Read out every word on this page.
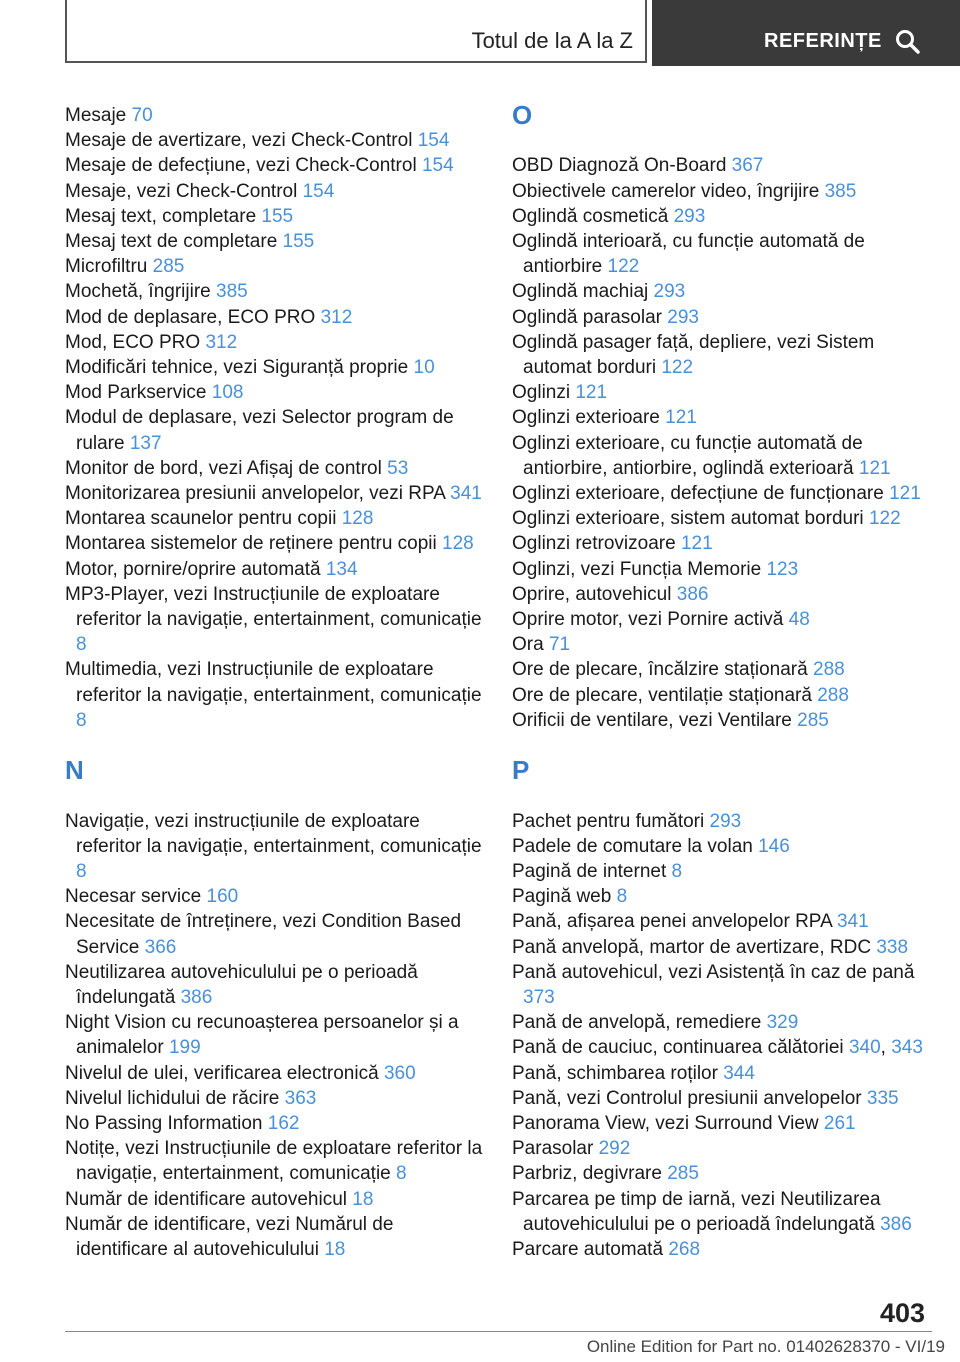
Totul de la A la Z	REFERINȚE

Mesaje 70

Mesaje de avertizare, vezi Check-Control 154

Mesaje de defecțiune, vezi Check-Control 154

Mesaje, vezi Check-Control 154

Mesaj text, completare 155

Mesaj text de completare 155

Microfiltru 285

Mochetă, îngrijire 385

Mod de deplasare, ECO PRO 312

Mod, ECO PRO 312

Modificări tehnice, vezi Siguranță proprie 10

Mod Parkservice 108

Modul de deplasare, vezi Selector program de rulare 137

Monitor de bord, vezi Afișaj de control 53

Monitorizarea presiunii anvelopelor, vezi RPA 341

Montarea scaunelor pentru copii 128

Montarea sistemelor de reținere pentru copii 128

Motor, pornire/oprire automată 134

MP3-Player, vezi Instrucțiunile de exploatare referitor la navigație, entertainment, comunicație 8

Multimedia, vezi Instrucțiunile de exploatare referitor la navigație, entertainment, comunicație 8

N

Navigație, vezi instrucțiunile de exploatare referitor la navigație, entertainment, comunicație 8

Necesar service 160

Necesitate de întreținere, vezi Condition Based Service 366

Neutilizarea autovehiculului pe o perioadă îndelungată 386

Night Vision cu recunoașterea persoanelor și a animalelor 199

Nivelul de ulei, verificarea electronică 360

Nivelul lichidului de răcire 363

No Passing Information 162

Notițe, vezi Instrucțiunile de exploatare referitor la navigație, entertainment, comunicație 8

Număr de identificare autovehicul 18

Număr de identificare, vezi Numărul de identificare al autovehiculului 18

O

OBD Diagnoză On-Board 367

Obiectivele camerelor video, îngrijire 385

Oglindă cosmetică 293

Oglindă interioară, cu funcție automată de antiorbire 122

Oglindă machiaj 293

Oglindă parasolar 293

Oglindă pasager față, depliere, vezi Sistem automat borduri 122

Oglinzi 121

Oglinzi exterioare 121

Oglinzi exterioare, cu funcție automată de antiorbire, antiorbire, oglindă exterioară 121

Oglinzi exterioare, defecțiune de funcționare 121

Oglinzi exterioare, sistem automat borduri 122

Oglinzi retrovizoare 121

Oglinzi, vezi Funcția Memorie 123

Oprire, autovehicul 386

Oprire motor, vezi Pornire activă 48

Ora 71

Ore de plecare, încălzire staționară 288

Ore de plecare, ventilație staționară 288

Orificii de ventilare, vezi Ventilare 285

P

Pachet pentru fumători 293

Padele de comutare la volan 146

Pagină de internet 8

Pagină web 8

Pană, afișarea penei anvelopelor RPA 341

Pană anvelopă, martor de avertizare, RDC 338

Pană autovehicul, vezi Asistență în caz de pană 373

Pană de anvelopă, remediere 329

Pană de cauciuc, continuarea călătoriei 340, 343

Pană, schimbarea roților 344

Pană, vezi Controlul presiunii anvelopelor 335

Panorama View, vezi Surround View 261

Parasolar 292

Parbriz, degivrare 285

Parcarea pe timp de iarnă, vezi Neutilizarea autovehiculului pe o perioadă îndelungată 386

Parcare automată 268

403
Online Edition for Part no. 01402628370 - VI/19
